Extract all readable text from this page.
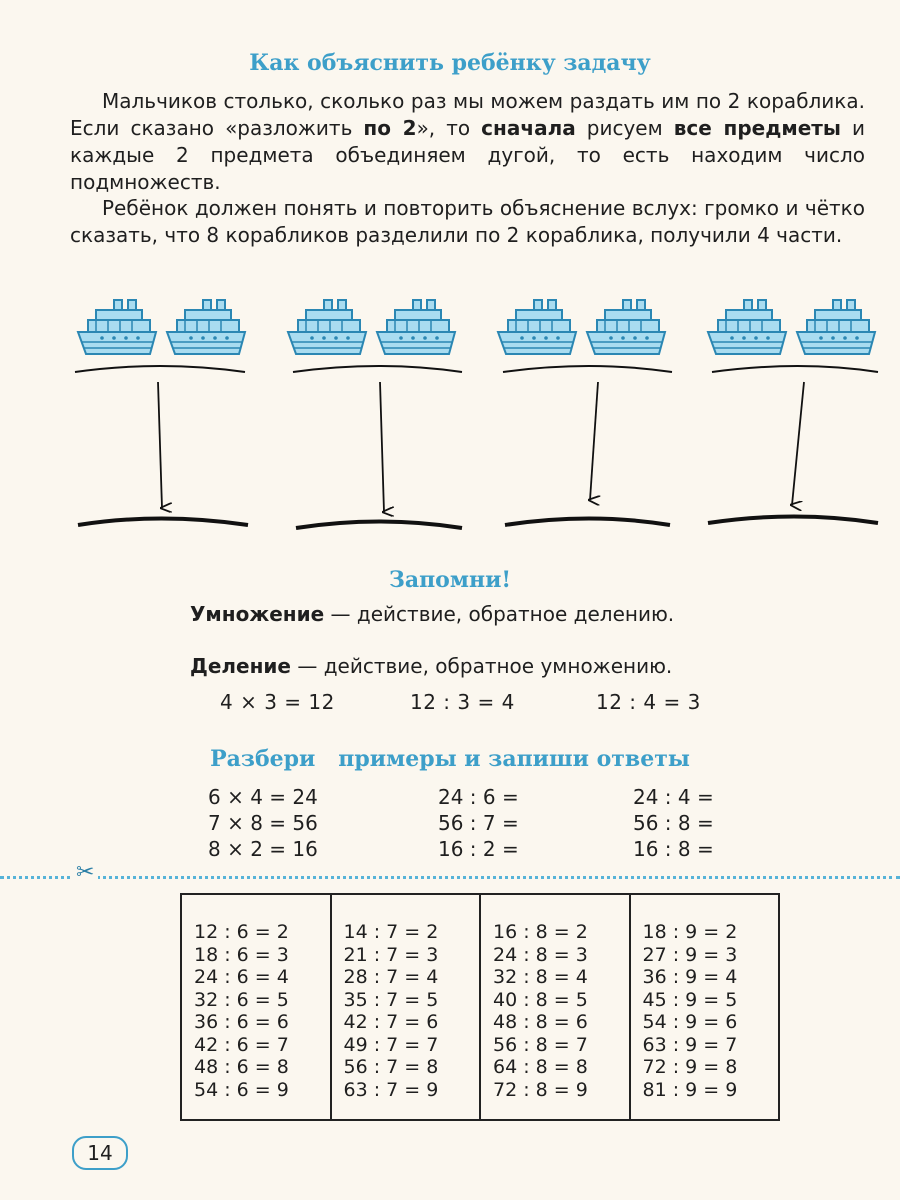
Как объяснить ребёнку задачу
Мальчиков столько, сколько раз мы можем раздать им по 2 кораблика. Если сказано «разложить по 2», то сначала рисуем все предметы и каждые 2 предмета объединяем дугой, то есть находим число подмножеств.
Ребёнок должен понять и повторить объяснение вслух: громко и чётко сказать, что 8 корабликов разделили по 2 кораблика, получили 4 части.
Запомни!
Умножение — действие, обратное делению.
Деление — действие, обратное умножению.
4 × 3 = 12	12 : 3 = 4	12 : 4 = 3
Разбери   примеры и запиши ответы
6 × 4 = 24
7 × 8 = 56
8 × 2 = 16
24 : 6 =
56 : 7 =
16 : 2 =
24 : 4 =
56 : 8 =
16 : 8 =
✂
12 : 6 = 2
18 : 6 = 3
24 : 6 = 4
32 : 6 = 5
36 : 6 = 6
42 : 6 = 7
48 : 6 = 8
54 : 6 = 9
14 : 7 = 2
21 : 7 = 3
28 : 7 = 4
35 : 7 = 5
42 : 7 = 6
49 : 7 = 7
56 : 7 = 8
63 : 7 = 9
16 : 8 = 2
24 : 8 = 3
32 : 8 = 4
40 : 8 = 5
48 : 8 = 6
56 : 8 = 7
64 : 8 = 8
72 : 8 = 9
18 : 9 = 2
27 : 9 = 3
36 : 9 = 4
45 : 9 = 5
54 : 9 = 6
63 : 9 = 7
72 : 9 = 8
81 : 9 = 9
14
